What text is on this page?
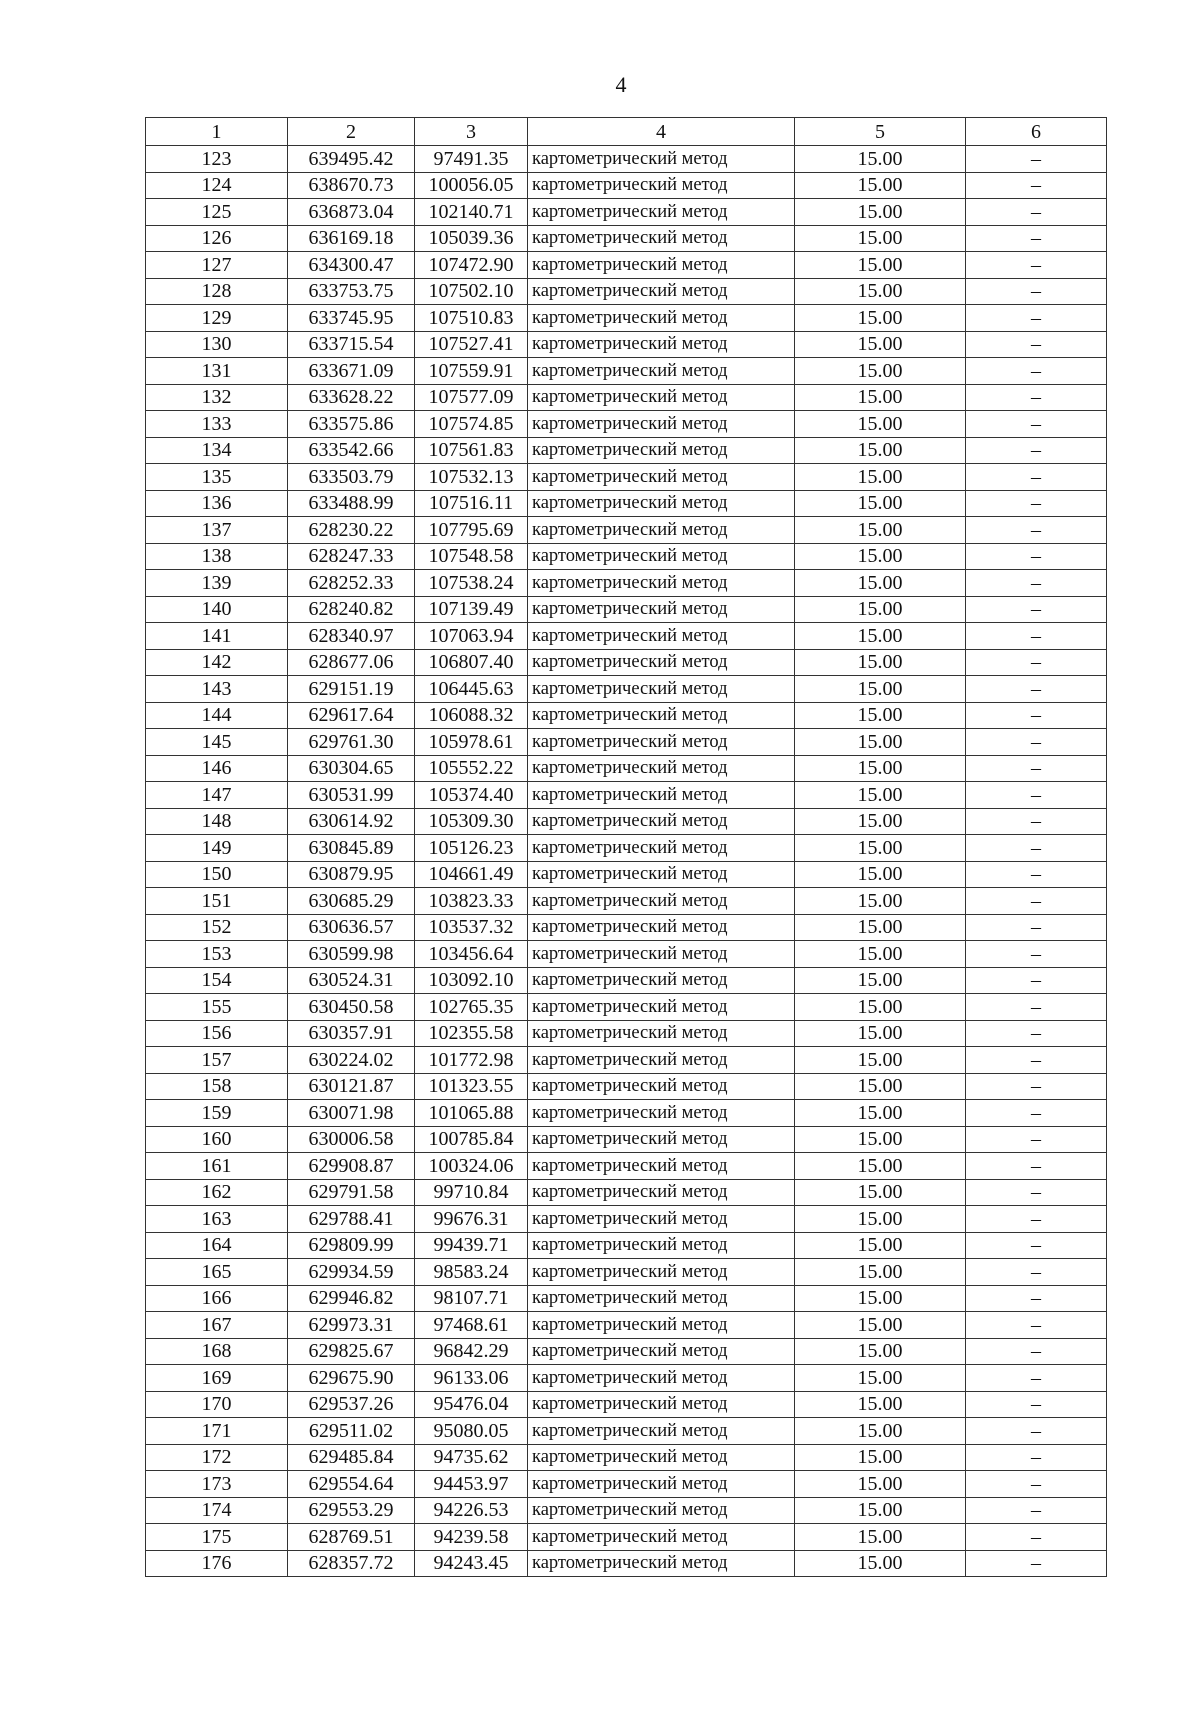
4
1	2	3	4	5	6
123	639495.42	97491.35	картометрический метод	15.00	–
124	638670.73	100056.05	картометрический метод	15.00	–
125	636873.04	102140.71	картометрический метод	15.00	–
126	636169.18	105039.36	картометрический метод	15.00	–
127	634300.47	107472.90	картометрический метод	15.00	–
128	633753.75	107502.10	картометрический метод	15.00	–
129	633745.95	107510.83	картометрический метод	15.00	–
130	633715.54	107527.41	картометрический метод	15.00	–
131	633671.09	107559.91	картометрический метод	15.00	–
132	633628.22	107577.09	картометрический метод	15.00	–
133	633575.86	107574.85	картометрический метод	15.00	–
134	633542.66	107561.83	картометрический метод	15.00	–
135	633503.79	107532.13	картометрический метод	15.00	–
136	633488.99	107516.11	картометрический метод	15.00	–
137	628230.22	107795.69	картометрический метод	15.00	–
138	628247.33	107548.58	картометрический метод	15.00	–
139	628252.33	107538.24	картометрический метод	15.00	–
140	628240.82	107139.49	картометрический метод	15.00	–
141	628340.97	107063.94	картометрический метод	15.00	–
142	628677.06	106807.40	картометрический метод	15.00	–
143	629151.19	106445.63	картометрический метод	15.00	–
144	629617.64	106088.32	картометрический метод	15.00	–
145	629761.30	105978.61	картометрический метод	15.00	–
146	630304.65	105552.22	картометрический метод	15.00	–
147	630531.99	105374.40	картометрический метод	15.00	–
148	630614.92	105309.30	картометрический метод	15.00	–
149	630845.89	105126.23	картометрический метод	15.00	–
150	630879.95	104661.49	картометрический метод	15.00	–
151	630685.29	103823.33	картометрический метод	15.00	–
152	630636.57	103537.32	картометрический метод	15.00	–
153	630599.98	103456.64	картометрический метод	15.00	–
154	630524.31	103092.10	картометрический метод	15.00	–
155	630450.58	102765.35	картометрический метод	15.00	–
156	630357.91	102355.58	картометрический метод	15.00	–
157	630224.02	101772.98	картометрический метод	15.00	–
158	630121.87	101323.55	картометрический метод	15.00	–
159	630071.98	101065.88	картометрический метод	15.00	–
160	630006.58	100785.84	картометрический метод	15.00	–
161	629908.87	100324.06	картометрический метод	15.00	–
162	629791.58	99710.84	картометрический метод	15.00	–
163	629788.41	99676.31	картометрический метод	15.00	–
164	629809.99	99439.71	картометрический метод	15.00	–
165	629934.59	98583.24	картометрический метод	15.00	–
166	629946.82	98107.71	картометрический метод	15.00	–
167	629973.31	97468.61	картометрический метод	15.00	–
168	629825.67	96842.29	картометрический метод	15.00	–
169	629675.90	96133.06	картометрический метод	15.00	–
170	629537.26	95476.04	картометрический метод	15.00	–
171	629511.02	95080.05	картометрический метод	15.00	–
172	629485.84	94735.62	картометрический метод	15.00	–
173	629554.64	94453.97	картометрический метод	15.00	–
174	629553.29	94226.53	картометрический метод	15.00	–
175	628769.51	94239.58	картометрический метод	15.00	–
176	628357.72	94243.45	картометрический метод	15.00	–
